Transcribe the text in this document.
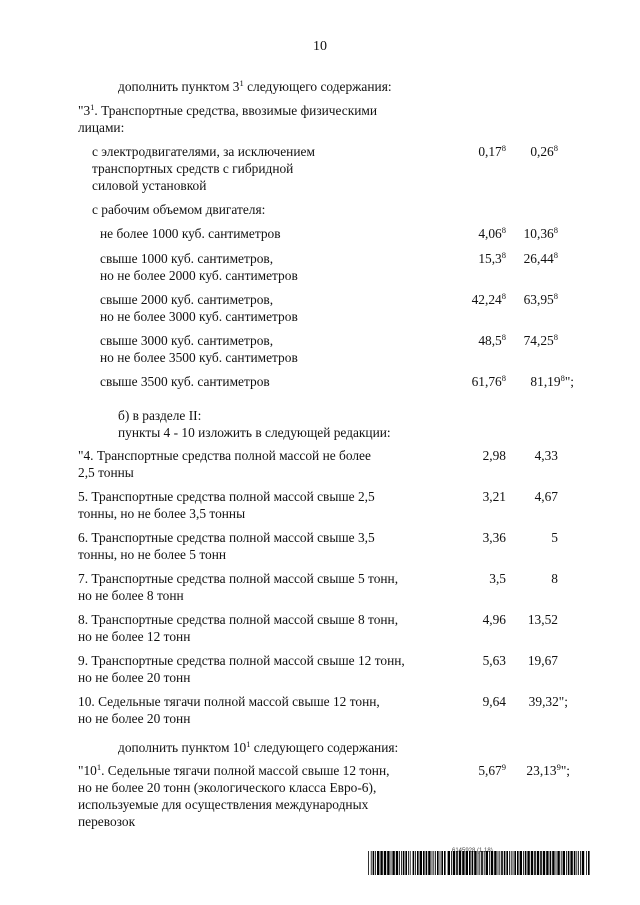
10
дополнить пунктом $3^1$ следующего содержания:
"$3^1$. Транспортные средства, ввозимые физическими
лицами:
с электродвигателями, за исключением
транспортных средств с гибридной
силовой установкой
0,17$^8$ 0,26$^8$
с рабочим объемом двигателя:
не более 1000 куб. сантиметров	4,06$^8$ 10,36$^8$
свыше 1000 куб. сантиметров,
но не более 2000 куб. сантиметров
15,3$^8$ 26,44$^8$
свыше 2000 куб. сантиметров,
но не более 3000 куб. сантиметров
42,24$^8$ 63,95$^8$
свыше 3000 куб. сантиметров,
но не более 3500 куб. сантиметров
48,5$^8$ 74,25$^8$
свыше 3500 куб. сантиметров	61,76$^8$ 81,19$^8$";
б) в разделе II:
пункты 4 - 10 изложить в следующей редакции:
"4. Транспортные средства полной массой не более
2,5 тонны
2,98 4,33
5. Транспортные средства полной массой свыше 2,5
тонны, но не более 3,5 тонны
3,21 4,67
6. Транспортные средства полной массой свыше 3,5
тонны, но не более 5 тонн
3,36	5
7. Транспортные средства полной массой свыше 5 тонн,
но не более 8 тонн
3,5	8
8. Транспортные средства полной массой свыше 8 тонн,
но не более 12 тонн
4,96 13,52
9. Транспортные средства полной массой свыше 12 тонн,
но не более 20 тонн
5,63 19,67
10. Седельные тягачи полной массой свыше 12 тонн,
но не более 20 тонн
9,64 39,32";
дополнить пунктом $10^1$ следующего содержания:
"$10^1$. Седельные тягачи полной массой свыше 12 тонн,
но не более 20 тонн (экологического класса Евро-6),
используемые для осуществления международных
перевозок
5,67$^9$ 23,13$^9$";
(1.18)
